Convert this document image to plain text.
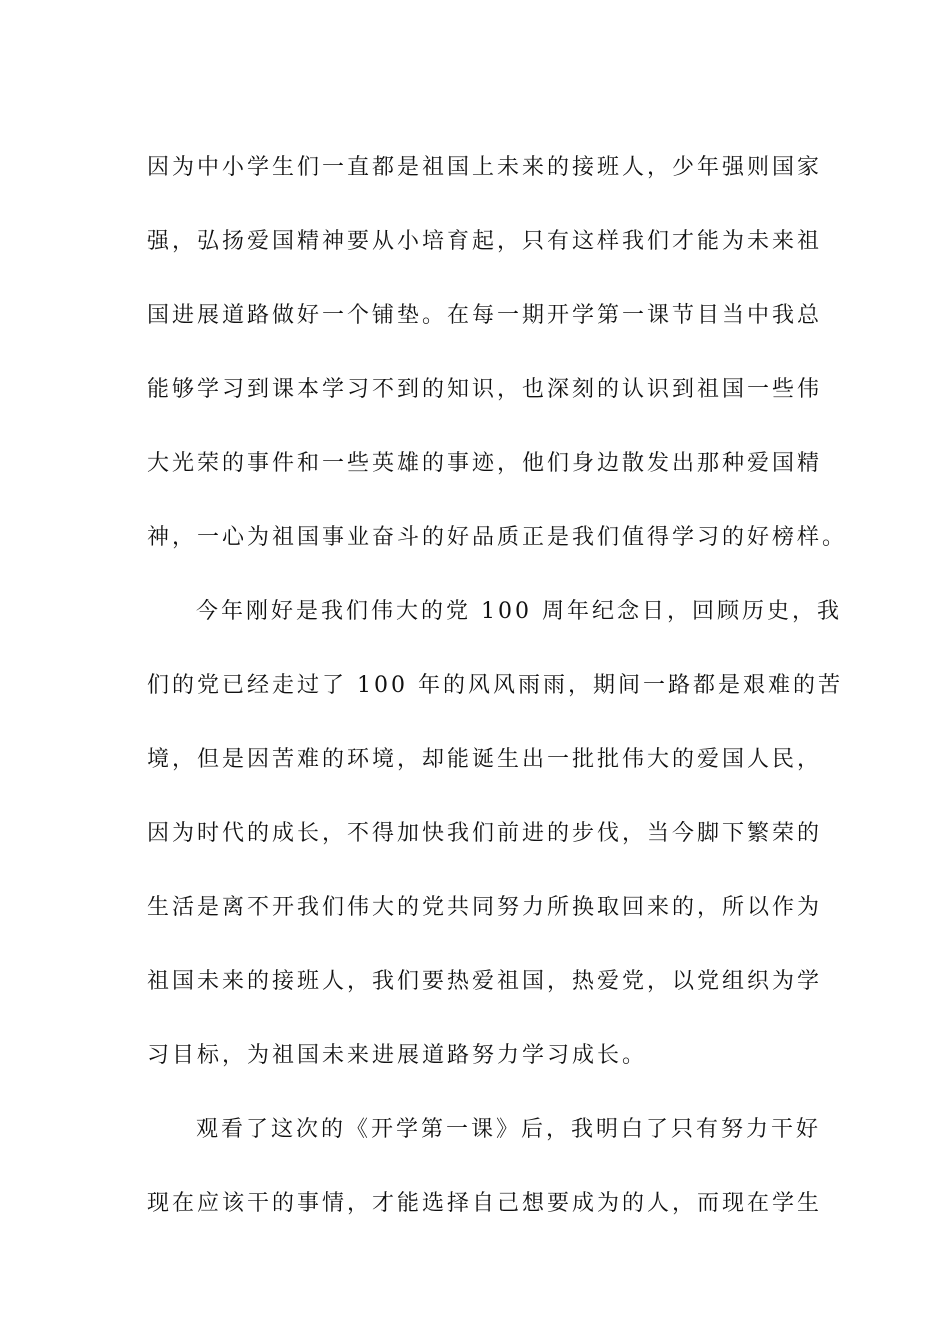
因为中小学生们一直都是祖国上未来的接班人，少年强则国家
强，弘扬爱国精神要从小培育起，只有这样我们才能为未来祖
国进展道路做好一个铺垫。在每一期开学第一课节目当中我总
能够学习到课本学习不到的知识，也深刻的认识到祖国一些伟
大光荣的事件和一些英雄的事迹，他们身边散发出那种爱国精
神，一心为祖国事业奋斗的好品质正是我们值得学习的好榜样。
今年刚好是我们伟大的党 100 周年纪念日，回顾历史，我
们的党已经走过了 100 年的风风雨雨，期间一路都是艰难的苦
境，但是因苦难的环境，却能诞生出一批批伟大的爱国人民，
因为时代的成长，不得加快我们前进的步伐，当今脚下繁荣的
生活是离不开我们伟大的党共同努力所换取回来的，所以作为
祖国未来的接班人，我们要热爱祖国，热爱党，以党组织为学
习目标，为祖国未来进展道路努力学习成长。
观看了这次的《开学第一课》后，我明白了只有努力干好
现在应该干的事情，才能选择自己想要成为的人，而现在学生
